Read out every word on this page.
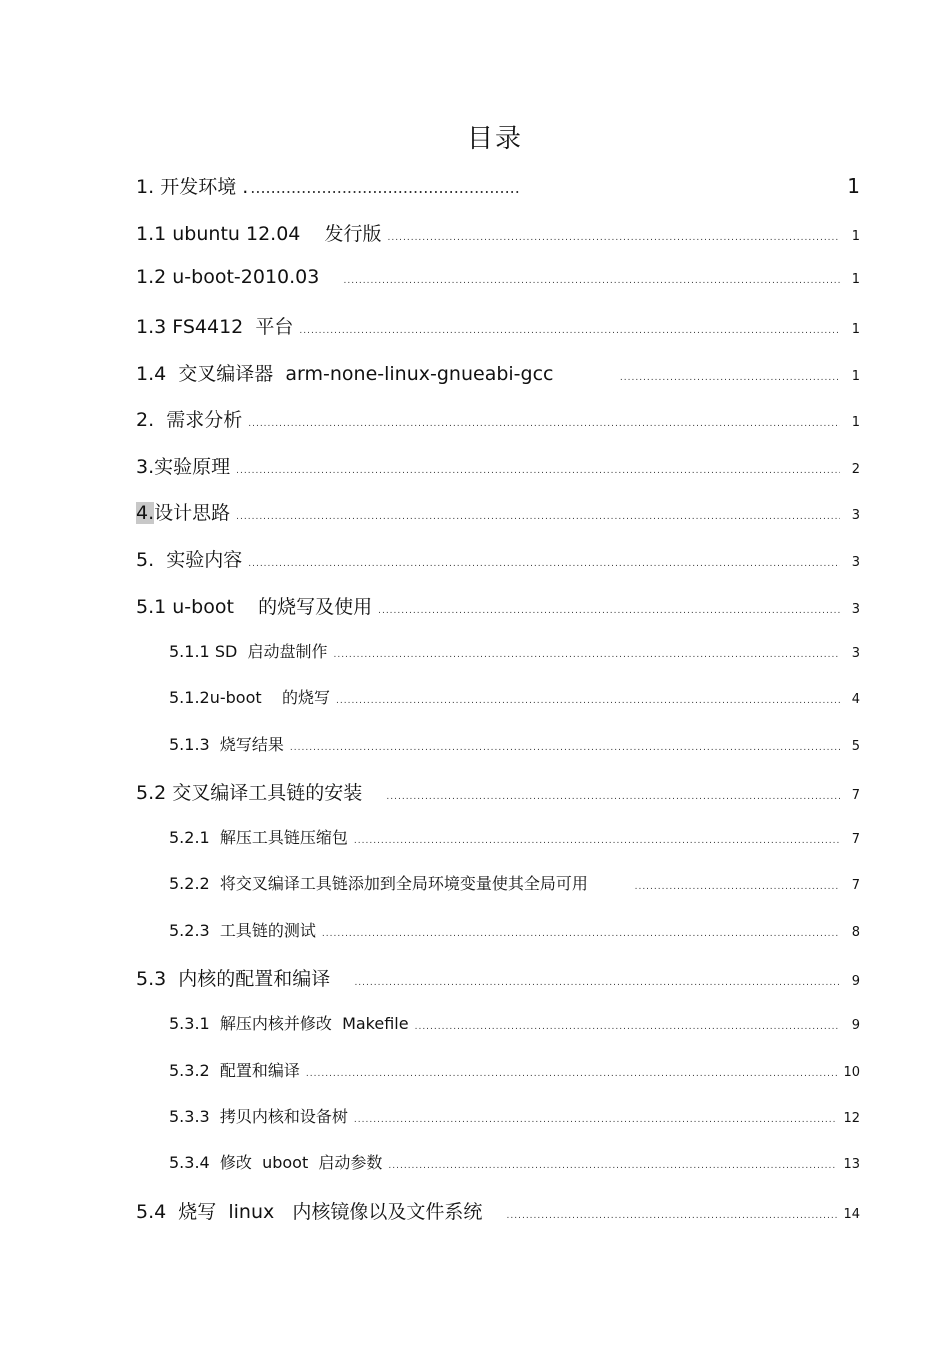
目录
1. 开发环境 . .....	1
1.1 ubuntu 12.04    发行版 .....	1
1.2 u-boot-2010.03 .....	1
1.3 FS4412  平台 .....	1
1.4  交叉编译器  arm-none-linux-gnueabi-gcc .....	1
2.  需求分析 .....	1
3.实验原理 .....	2
4.设计思路 .....	3
5.  实验内容 .....	3
5.1 u-boot    的烧写及使用 .....	3
5.1.1 SD  启动盘制作 .....	3
5.1.2u-boot    的烧写 .....	4
5.1.3  烧写结果 .....	5
5.2 交叉编译工具链的安装 .....	7
5.2.1  解压工具链压缩包 .....	7
5.2.2  将交叉编译工具链添加到全局环境变量使其全局可用 .....	7
5.2.3  工具链的测试 .....	8
5.3  内核的配置和编译 .....	9
5.3.1  解压内核并修改  Makefile .....	9
5.3.2  配置和编译 .....	10
5.3.3  拷贝内核和设备树 .....	12
5.3.4  修改  uboot  启动参数 .....	13
5.4  烧写  linux   内核镜像以及文件系统 .....	14
